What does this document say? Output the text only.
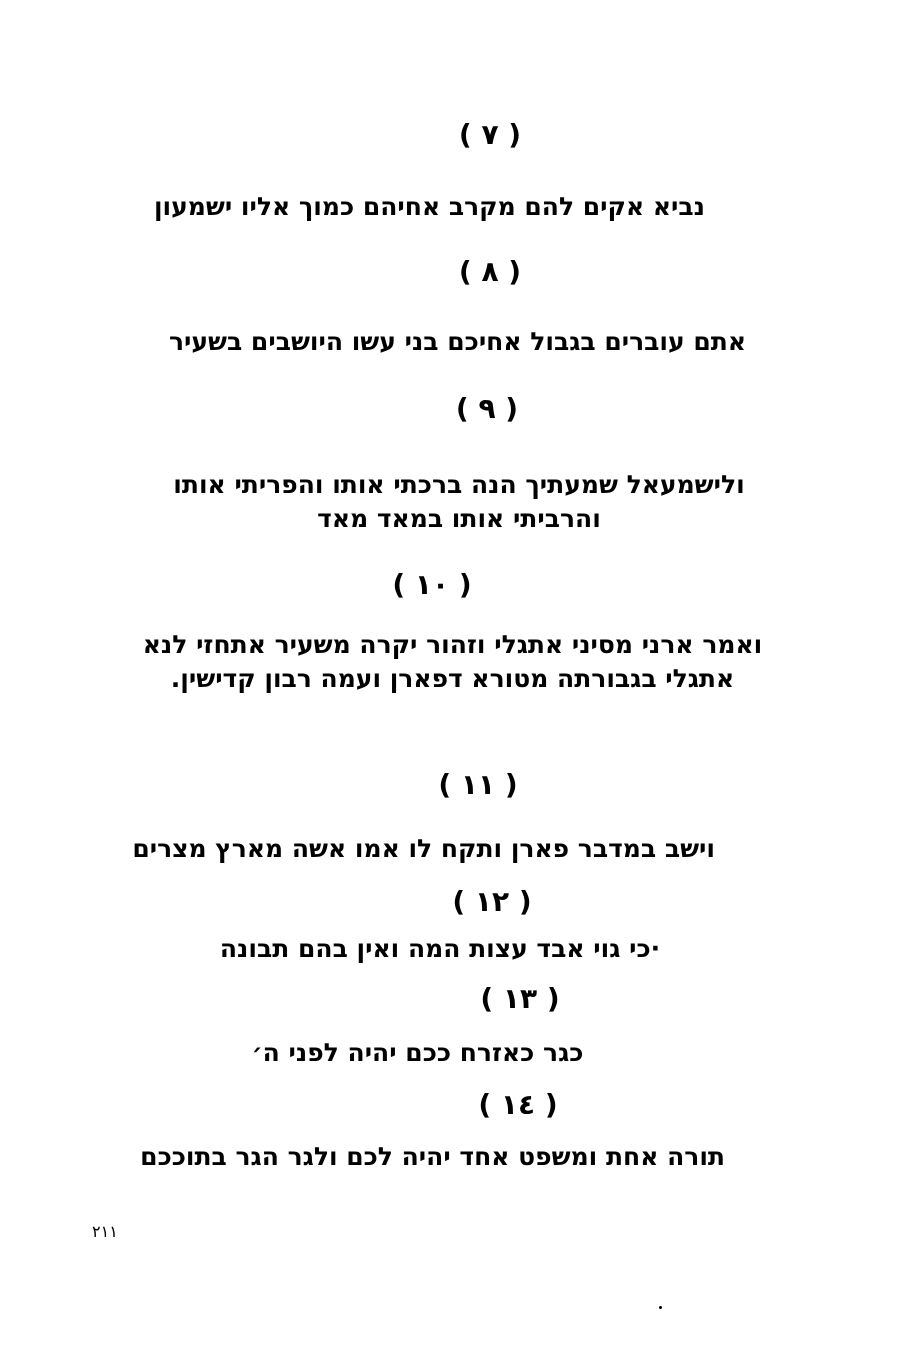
( ٧ )
נביא אקים להם מקרב אחיהם כמוך אליו ישמעון
( ٨ )
אתם עוברים בגבול אחיכם בני עשו היושבים בשעיר
( ٩ )
ולישמעאל שמעתיך הנה ברכתי אותו והפריתי אותו
והרביתי אותו במאד מאד
( ١٠ )
ואמר ארני מסיני אתגלי וזהור יקרה משעיר אתחזי לנא
אתגלי בגבורתה מטורא דפארן ועמה רבון קדישין.
( ١١ )
וישב במדבר פארן ותקח לו אמו אשה מארץ מצרים
( ١٢ )
·כי גוי אבד עצות המה ואין בהם תבונה
( ١٣ )
כגר כאזרח ככם יהיה לפני ה׳
( ١٤ )
תורה אחת ומשפט אחד יהיה לכם ולגר הגר בתוככם
٢١١
